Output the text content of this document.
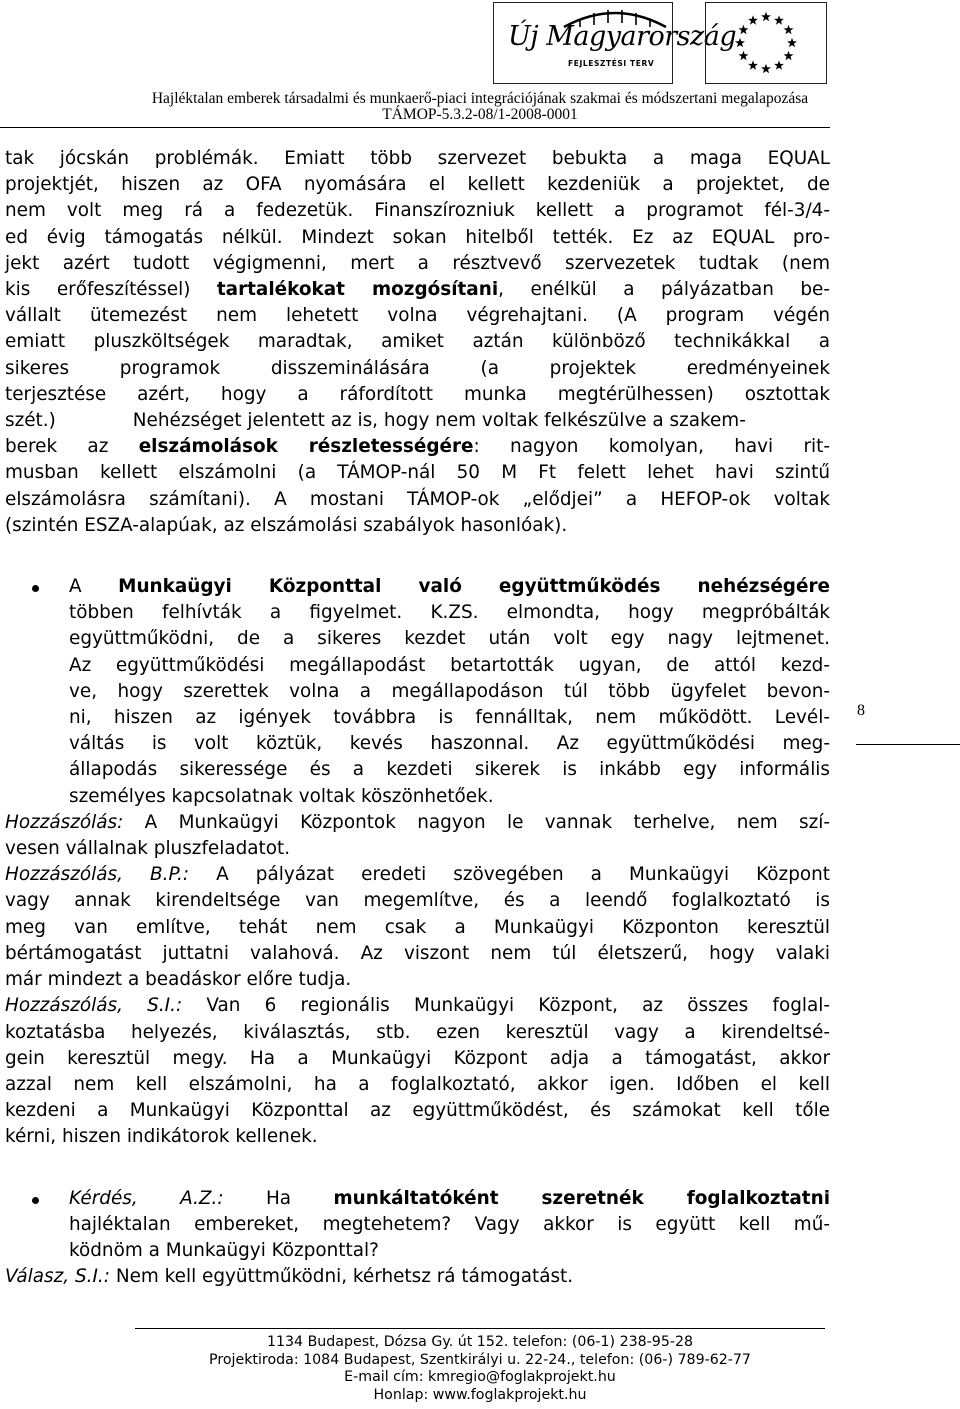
Új Magyarország
FEJLESZTÉSI TERV
Hajléktalan emberek társadalmi és munkaerő-piaci integrációjának szakmai és módszertani megalapozása
TÁMOP-5.3.2-08/1-2008-0001

tak jócskán problémák. Emiatt több szervezet bebukta a maga EQUAL
projektjét, hiszen az OFA nyomására el kellett kezdeniük a projektet, de
nem volt meg rá a fedezetük. Finanszírozniuk kellett a programot fél-3/4-
ed évig támogatás nélkül. Mindezt sokan hitelből tették. Ez az EQUAL pro-
jekt azért tudott végigmenni, mert a résztvevő szervezetek tudtak (nem
kis erőfeszítéssel) tartalékokat mozgósítani, enélkül a pályázatban be-
vállalt ütemezést nem lehetett volna végrehajtani. (A program végén
emiatt pluszköltségek maradtak, amiket aztán különböző technikákkal a
sikeres programok disszeminálására (a projektek eredményeinek
terjesztése azért, hogy a ráfordított munka megtérülhessen) osztottak
szét.)	Nehézséget jelentett az is, hogy nem voltak felkészülve a szakem-
berek az elszámolások részletességére: nagyon komolyan, havi rit-
musban kellett elszámolni (a TÁMOP-nál 50 M Ft felett lehet havi szintű
elszámolásra számítani). A mostani TÁMOP-ok „elődjei” a HEFOP-ok voltak
(szintén ESZA-alapúak, az elszámolási szabályok hasonlóak).

A Munkaügyi Központtal való együttműködés nehézségére
többen felhívták a figyelmet. K.ZS. elmondta, hogy megpróbálták
együttműködni, de a sikeres kezdet után volt egy nagy lejtmenet.
Az együttműködési megállapodást betartották ugyan, de attól kezd-
ve, hogy szerettek volna a megállapodáson túl több ügyfelet bevon-
ni, hiszen az igények továbbra is fennálltak, nem működött. Levél-
váltás is volt köztük, kevés haszonnal. Az együttműködési meg-
állapodás sikeressége és a kezdeti sikerek is inkább egy informális
személyes kapcsolatnak voltak köszönhetőek.

Hozzászólás: A Munkaügyi Központok nagyon le vannak terhelve, nem szí-
vesen vállalnak pluszfeladatot.

Hozzászólás, B.P.: A pályázat eredeti szövegében a Munkaügyi Központ
vagy annak kirendeltsége van megemlítve, és a leendő foglalkoztató is
meg van említve, tehát nem csak a Munkaügyi Központon keresztül
bértámogatást juttatni valahová. Az viszont nem túl életszerű, hogy valaki
már mindezt a beadáskor előre tudja.

Hozzászólás, S.I.: Van 6 regionális Munkaügyi Központ, az összes foglal-
koztatásba helyezés, kiválasztás, stb. ezen keresztül vagy a kirendeltsé-
gein keresztül megy. Ha a Munkaügyi Központ adja a támogatást, akkor
azzal nem kell elszámolni, ha a foglalkoztató, akkor igen. Időben el kell
kezdeni a Munkaügyi Központtal az együttműködést, és számokat kell tőle
kérni, hiszen indikátorok kellenek.

Kérdés, A.Z.: Ha munkáltatóként szeretnék foglalkoztatni
hajléktalan embereket, megtehetem? Vagy akkor is együtt kell mű-
ködnöm a Munkaügyi Központtal?

Válasz, S.I.: Nem kell együttműködni, kérhetsz rá támogatást.

8
1134 Budapest, Dózsa Gy. út 152. telefon: (06-1) 238-95-28
Projektiroda: 1084 Budapest, Szentkirályi u. 22-24., telefon: (06-) 789-62-77
E-mail cím: kmregio@foglakprojekt.hu
Honlap: www.foglakprojekt.hu
